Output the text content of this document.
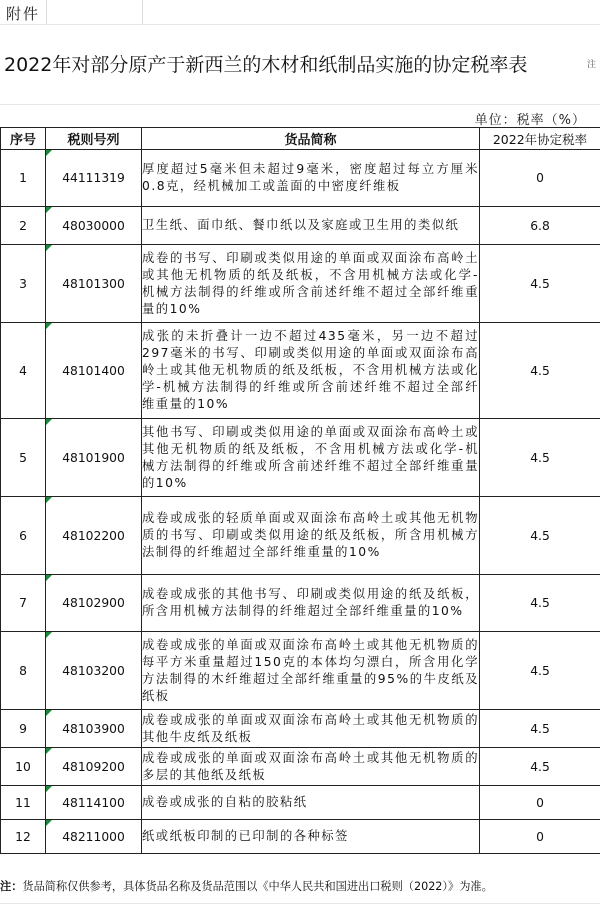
附件
2022年对部分原产于新西兰的木材和纸制品实施的协定税率表	注
单位：税率（%）
序号	税则号列	货品简称	2022年协定税率
1	44111319	厚度超过5毫米但未超过9毫米，密度超过每立方厘米0.8克，经机械加工或盖面的中密度纤维板	0
2	48030000	卫生纸、面巾纸、餐巾纸以及家庭或卫生用的类似纸	6.8
3	48101300	成卷的书写、印刷或类似用途的单面或双面涂布高岭土或其他无机物质的纸及纸板，不含用机械方法或化学-机械方法制得的纤维或所含前述纤维不超过全部纤维重量的10%	4.5
4	48101400	成张的未折叠计一边不超过435毫米，另一边不超过297毫米的书写、印刷或类似用途的单面或双面涂布高岭土或其他无机物质的纸及纸板，不含用机械方法或化学-机械方法制得的纤维或所含前述纤维不超过全部纤维重量的10%	4.5
5	48101900	其他书写、印刷或类似用途的单面或双面涂布高岭土或其他无机物质的纸及纸板，不含用机械方法或化学-机械方法制得的纤维或所含前述纤维不超过全部纤维重量的10%	4.5
6	48102200	成卷或成张的轻质单面或双面涂布高岭土或其他无机物质的书写、印刷或类似用途的纸及纸板，所含用机械方法制得的纤维超过全部纤维重量的10%	4.5
7	48102900	成卷或成张的其他书写、印刷或类似用途的纸及纸板，所含用机械方法制得的纤维超过全部纤维重量的10%	4.5
8	48103200	成卷或成张的单面或双面涂布高岭土或其他无机物质的每平方米重量超过150克的本体均匀漂白，所含用化学方法制得的木纤维超过全部纤维重量的95%的牛皮纸及纸板	4.5
9	48103900	成卷或成张的单面或双面涂布高岭土或其他无机物质的其他牛皮纸及纸板	4.5
10	48109200	成卷或成张的单面或双面涂布高岭土或其他无机物质的多层的其他纸及纸板	4.5
11	48114100	成卷或成张的自粘的胶粘纸	0
12	48211000	纸或纸板印制的已印制的各种标签	0
注：货品简称仅供参考，具体货品名称及货品范围以《中华人民共和国进出口税则（2022）》为准。
